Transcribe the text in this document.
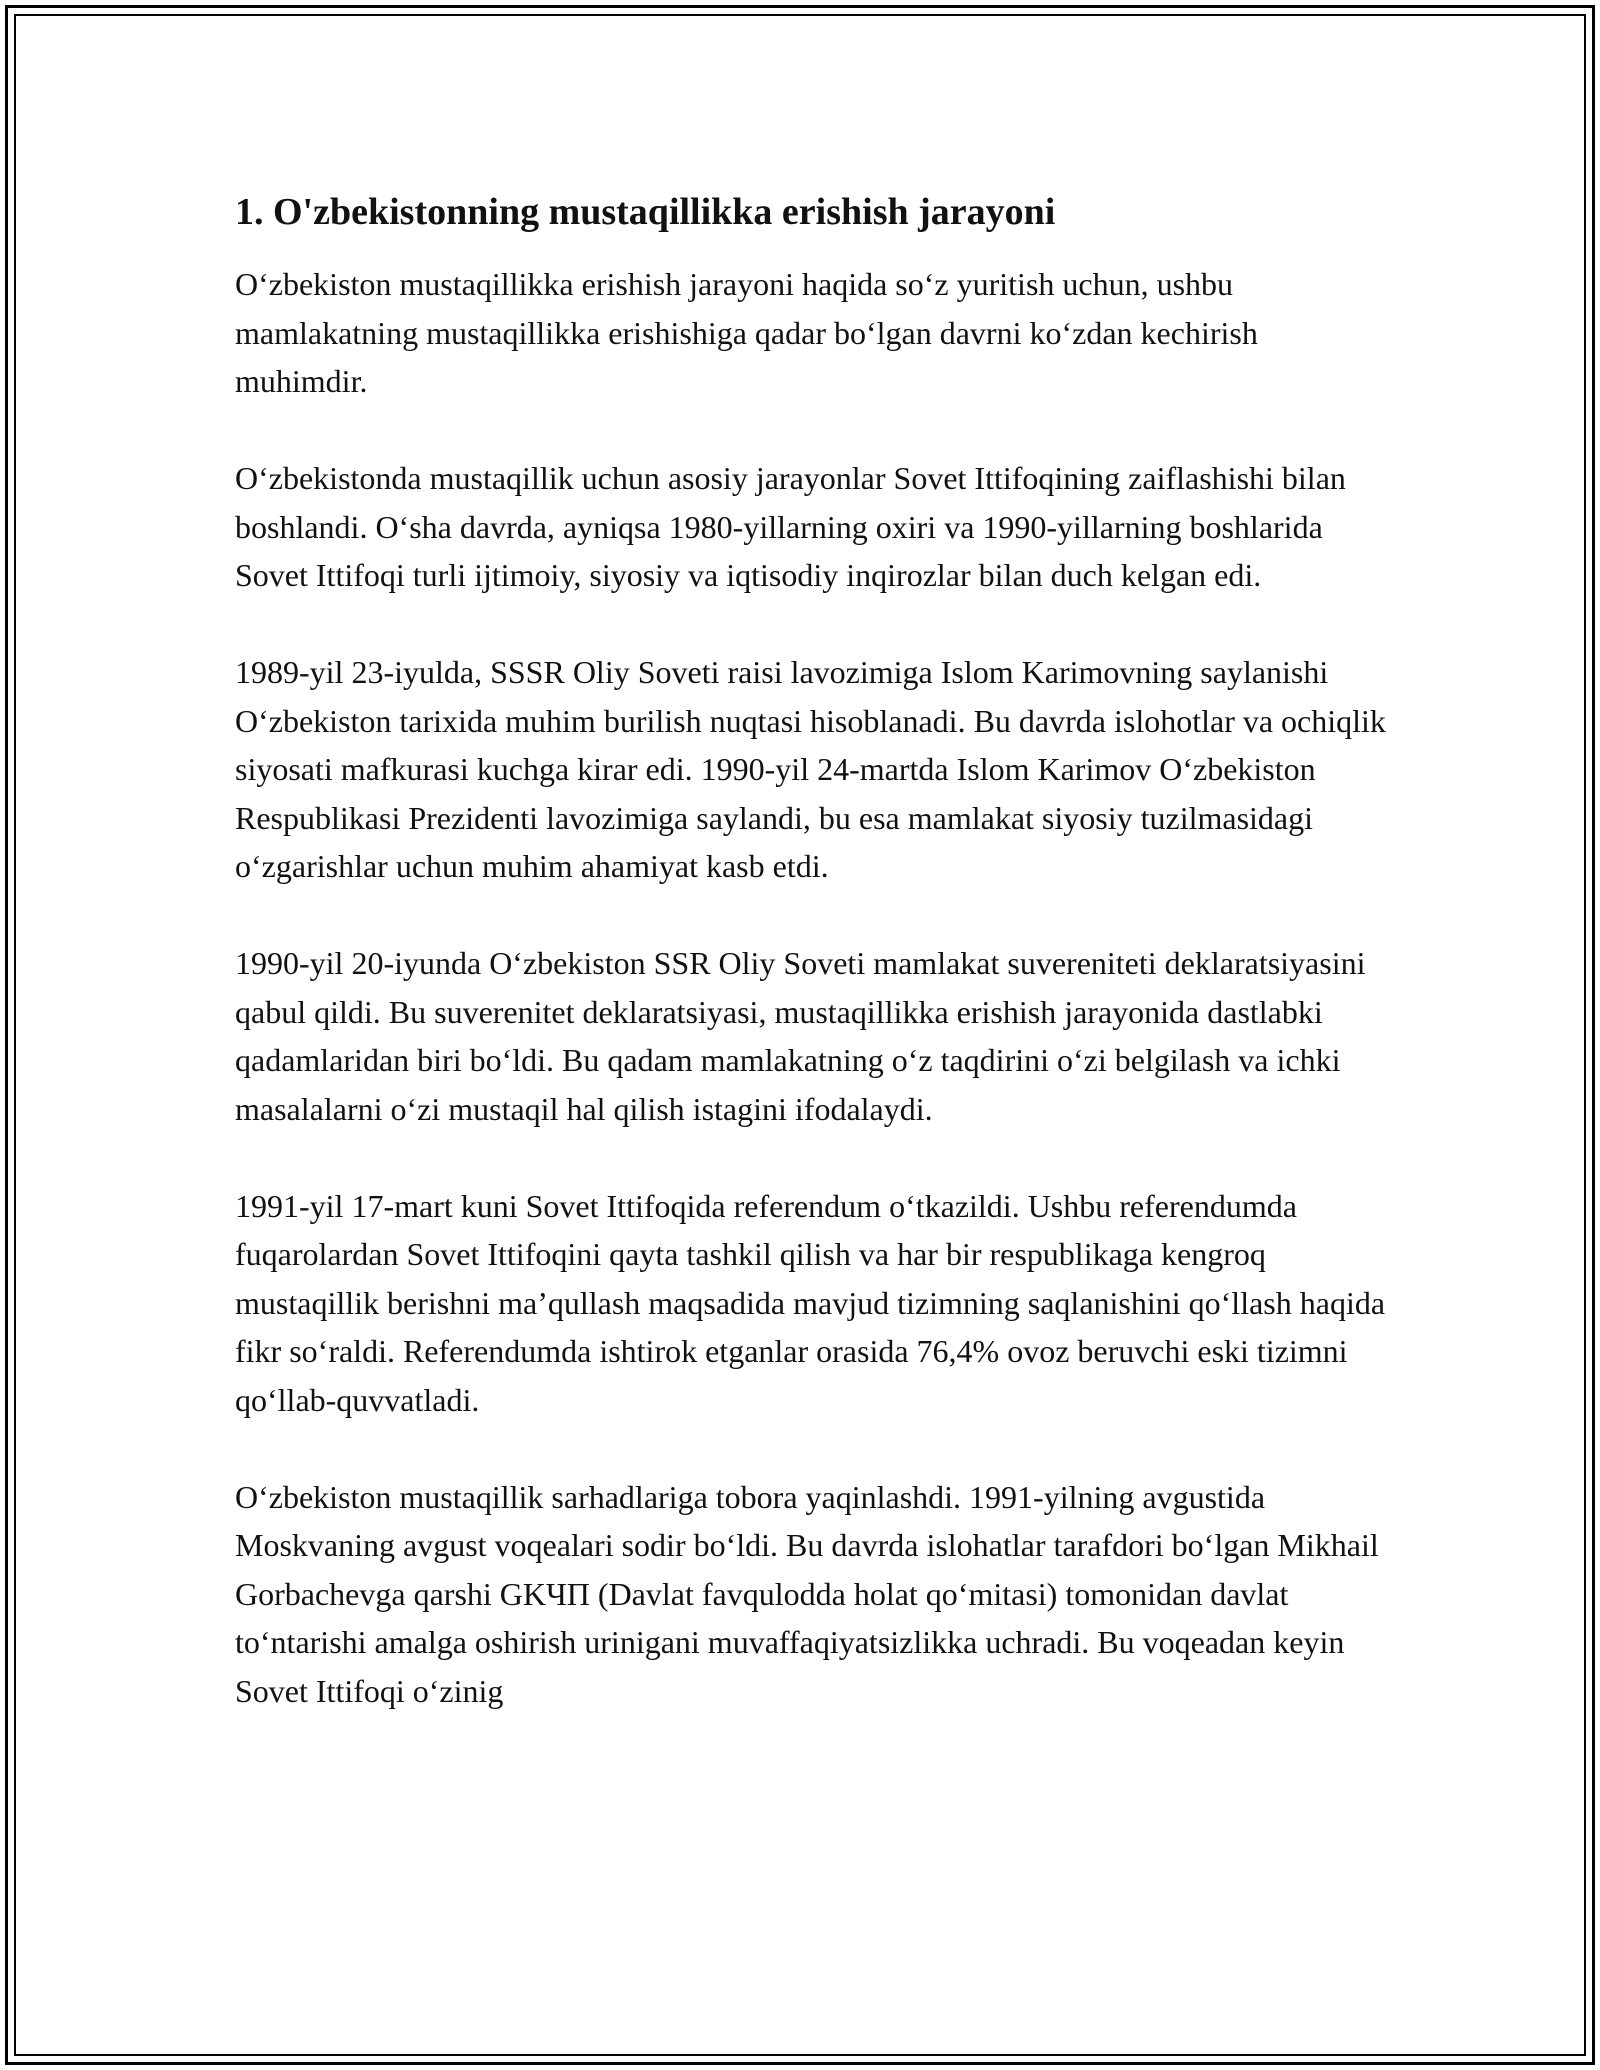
1. O'zbekistonning mustaqillikka erishish jarayoni

O‘zbekiston mustaqillikka erishish jarayoni haqida so‘z yuritish uchun, ushbu mamlakatning mustaqillikka erishishiga qadar bo‘lgan davrni ko‘zdan kechirish muhimdir.

O‘zbekistonda mustaqillik uchun asosiy jarayonlar Sovet Ittifoqining zaiflashishi bilan boshlandi. O‘sha davrda, ayniqsa 1980-yillarning oxiri va 1990-yillarning boshlarida Sovet Ittifoqi turli ijtimoiy, siyosiy va iqtisodiy inqirozlar bilan duch kelgan edi.

1989-yil 23-iyulda, SSSR Oliy Soveti raisi lavozimiga Islom Karimovning saylanishi O‘zbekiston tarixida muhim burilish nuqtasi hisoblanadi. Bu davrda islohotlar va ochiqlik siyosati mafkurasi kuchga kirar edi. 1990-yil 24-martda Islom Karimov O‘zbekiston Respublikasi Prezidenti lavozimiga saylandi, bu esa mamlakat siyosiy tuzilmasidagi o‘zgarishlar uchun muhim ahamiyat kasb etdi.

1990-yil 20-iyunda O‘zbekiston SSR Oliy Soveti mamlakat suvereniteti deklaratsiyasini qabul qildi. Bu suverenitet deklaratsiyasi, mustaqillikka erishish jarayonida dastlabki qadamlaridan biri bo‘ldi. Bu qadam mamlakatning o‘z taqdirini o‘zi belgilash va ichki masalalarni o‘zi mustaqil hal qilish istagini ifodalaydi.

1991-yil 17-mart kuni Sovet Ittifoqida referendum o‘tkazildi. Ushbu referendumda fuqarolardan Sovet Ittifoqini qayta tashkil qilish va har bir respublikaga kengroq mustaqillik berishni ma’qullash maqsadida mavjud tizimning saqlanishini qo‘llash haqida fikr so‘raldi. Referendumda ishtirok etganlar orasida 76,4% ovoz beruvchi eski tizimni qo‘llab-quvvatladi.

O‘zbekiston mustaqillik sarhadlariga tobora yaqinlashdi. 1991-yilning avgustida Moskvaning avgust voqealari sodir bo‘ldi. Bu davrda islohatlar tarafdori bo‘lgan Mikhail Gorbachevga qarshi GKЧП (Davlat favqulodda holat qo‘mitasi) tomonidan davlat to‘ntarishi amalga oshirish urinigani muvaffaqiyatsizlikka uchradi. Bu voqeadan keyin Sovet Ittifoqi o‘zinig
